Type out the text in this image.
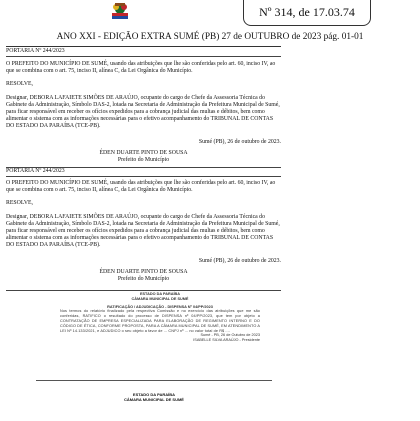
Nº 314, de 17.03.74
ANO XXI - EDIÇÃO EXTRA SUMÉ (PB) 27 de OUTUBRO de 2023 pág. 01-01

PORTARIA Nº 244/2023

O PREFEITO DO MUNICÍPIO DE SUMÉ, usando das atribuições que lhe são conferidas pelo art. 60, inciso IV, ao que se combina com o art. 75, inciso II, alínea C, da Lei Orgânica do Município.

RESOLVE,

Designar, DEBORA LAFAIETE SIMÕES DE ARAÚJO, ocupante do cargo de Chefe da Assessoria Técnica do Gabinete da Administração, Símbolo DAS-2, lotada na Secretaria de Administração da Prefeitura Municipal de Sumé, para ficar responsável em receber os ofícios expedidos para a cobrança judicial das multas e débitos, bem como alimentar o sistema com as informações necessárias para o efetivo acompanhamento do TRIBUNAL DE CONTAS DO ESTADO DA PARAÍBA (TCE-PB).

Sumé (PB), 26 de outubro de 2023.

ÉDEN DUARTE PINTO DE SOUSA

Prefeito do Município

PORTARIA Nº 244/2023

O PREFEITO DO MUNICÍPIO DE SUMÉ, usando das atribuições que lhe são conferidas pelo art. 60, inciso IV, ao que se combina com o art. 75, inciso II, alínea C, da Lei Orgânica do Município.

RESOLVE,

Designar, DEBORA LAFAIETE SIMÕES DE ARAÚJO, ocupante do cargo de Chefe da Assessoria Técnica do Gabinete da Administração, Símbolo DAS-2, lotada na Secretaria de Administração da Prefeitura Municipal de Sumé, para ficar responsável em receber os ofícios expedidos para a cobrança judicial das multas e débitos, bem como alimentar o sistema com as informações necessárias para o efetivo acompanhamento do TRIBUNAL DE CONTAS DO ESTADO DA PARAÍBA (TCE-PB).

Sumé (PB), 26 de outubro de 2023.

ÉDEN DUARTE PINTO DE SOUSA

Prefeito do Município

ESTADO DA PARAÍBA
CÂMARA MUNICIPAL DE SUMÉ
RATIFICAÇÃO / ADJUDICAÇÃO - DISPENSA Nº 04/PP/2023
Nos termos do relatório finalizado pela respectiva Comissão e no exercício das atribuições que me são conferidas, RATIFICO o resultado do processo de DISPENSA nº 04/PP/2023, que tem por objeto a CONTRATAÇÃO DE EMPRESA ESPECIALIZADA PARA ELABORAÇÃO DE REGIMENTO INTERNO E DO CÓDIGO DE ÉTICA, CONFORME PROPOSTA, PARA A CÂMARA MUNICIPAL DE SUMÉ, EM ATENDIMENTO A LEI Nº 14.133/2021, e ADJUDICO o seu objeto a favor de ... CNPJ nº ... no valor total de R$ ....
Sumé - PB, 26 de Outubro de 2023
ISABELLE SILVA ARAÚJO - Presidente
ESTADO DA PARAÍBA
CÂMARA MUNICIPAL DE SUMÉ
